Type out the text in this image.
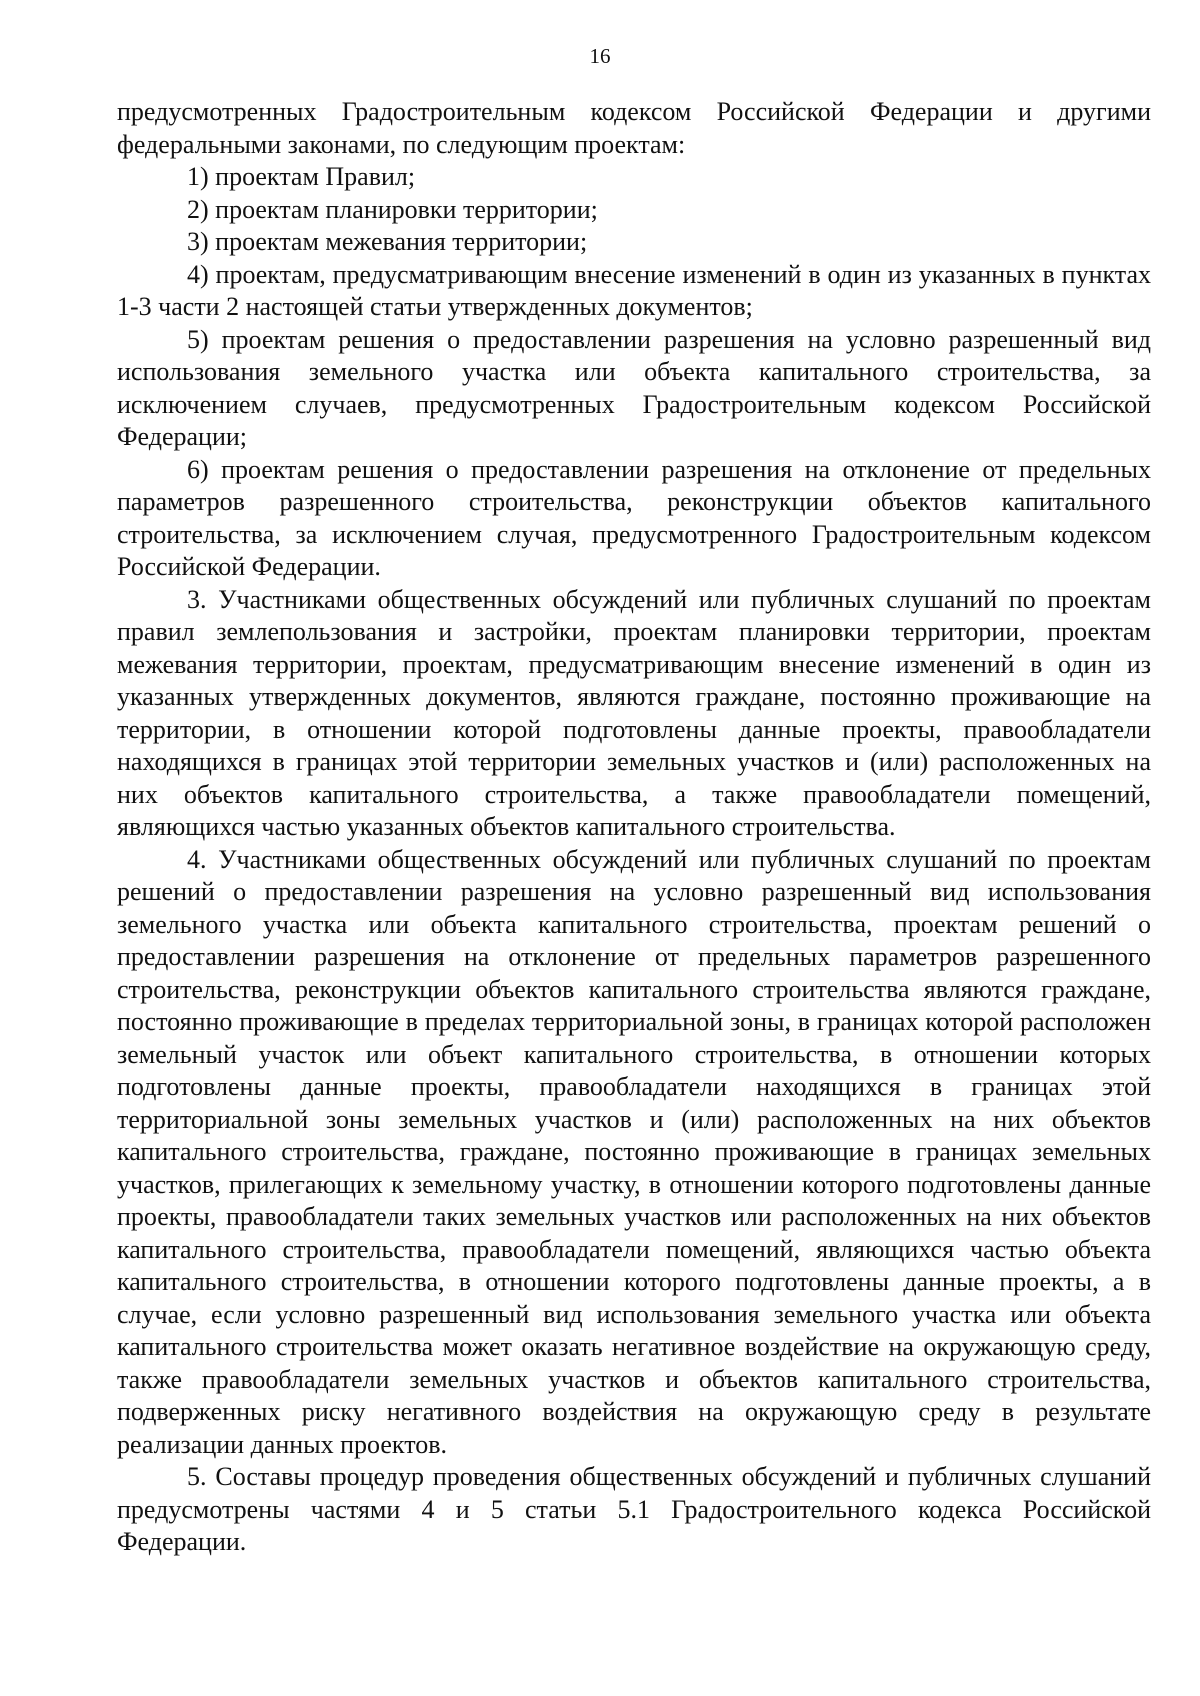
16

предусмотренных Градостроительным кодексом Российской Федерации и другими федеральными законами, по следующим проектам:

1) проектам Правил;

2) проектам планировки территории;

3) проектам межевания территории;

4) проектам, предусматривающим внесение изменений в один из указанных в пунктах 1-3 части 2 настоящей статьи утвержденных документов;

5) проектам решения о предоставлении разрешения на условно разрешенный вид использования земельного участка или объекта капитального строительства, за исключением случаев, предусмотренных Градостроительным кодексом Российской Федерации;

6) проектам решения о предоставлении разрешения на отклонение от предельных параметров разрешенного строительства, реконструкции объектов капитального строительства, за исключением случая, предусмотренного Градостроительным кодексом Российской Федерации.

3. Участниками общественных обсуждений или публичных слушаний по проектам правил землепользования и застройки, проектам планировки территории, проектам межевания территории, проектам, предусматривающим внесение изменений в один из указанных утвержденных документов, являются граждане, постоянно проживающие на территории, в отношении которой подготовлены данные проекты, правообладатели находящихся в границах этой территории земельных участков и (или) расположенных на них объектов капитального строительства, а также правообладатели помещений, являющихся частью указанных объектов капитального строительства.

4. Участниками общественных обсуждений или публичных слушаний по проектам решений о предоставлении разрешения на условно разрешенный вид использования земельного участка или объекта капитального строительства, проектам решений о предоставлении разрешения на отклонение от предельных параметров разрешенного строительства, реконструкции объектов капитального строительства являются граждане, постоянно проживающие в пределах территориальной зоны, в границах которой расположен земельный участок или объект капитального строительства, в отношении которых подготовлены данные проекты, правообладатели находящихся в границах этой территориальной зоны земельных участков и (или) расположенных на них объектов капитального строительства, граждане, постоянно проживающие в границах земельных участков, прилегающих к земельному участку, в отношении которого подготовлены данные проекты, правообладатели таких земельных участков или расположенных на них объектов капитального строительства, правообладатели помещений, являющихся частью объекта капитального строительства, в отношении которого подготовлены данные проекты, а в случае, если условно разрешенный вид использования земельного участка или объекта капитального строительства может оказать негативное воздействие на окружающую среду, также правообладатели земельных участков и объектов капитального строительства, подверженных риску негативного воздействия на окружающую среду в результате реализации данных проектов.

5. Составы процедур проведения общественных обсуждений и публичных слушаний предусмотрены частями 4 и 5 статьи 5.1 Градостроительного кодекса Российской Федерации.
